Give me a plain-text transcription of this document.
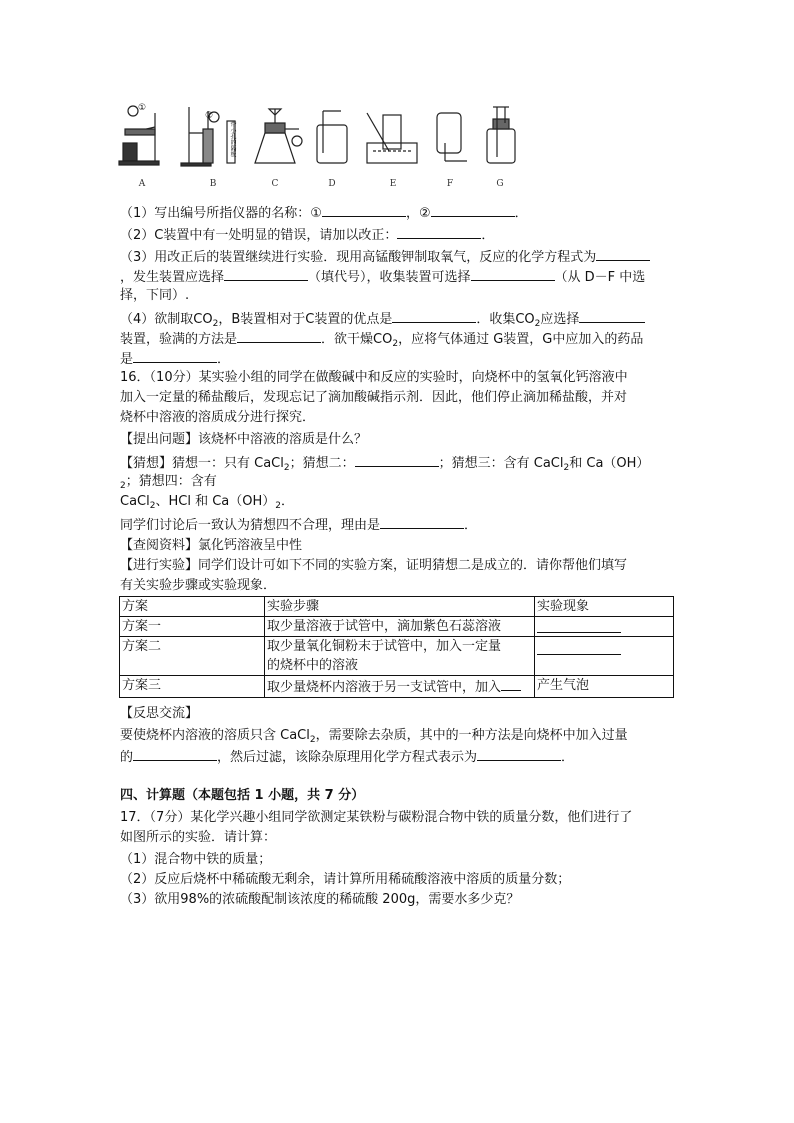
A	B	C	D	E	F	G
①
②
带小孔的隔板
（1）写出编号所指仪器的名称：①	，②	．
（2）C装置中有一处明显的错误，请加以改正：	．
（3）用改正后的装置继续进行实验．现用高锰酸钾制取氧气，反应的化学方程式为
，发生装置应选择	（填代号），收集装置可选择	（从 D－F 中选
择，下同）.
（4）欲制取$CO_2$，B装置相对于C装置的优点是	．收集$CO_2$应选择
装置，验满的方法是	．欲干燥$CO_2$，应将气体通过 G装置，G中应加入的药品
是	．
16．（10分）某实验小组的同学在做酸碱中和反应的实验时，向烧杯中的氢氧化钙溶液中
加入一定量的稀盐酸后，发现忘记了滴加酸碱指示剂．因此，他们停止滴加稀盐酸，并对
烧杯中溶液的溶质成分进行探究．
【提出问题】该烧杯中溶液的溶质是什么？
【猜想】猜想一：只有 CaCl$_2$；猜想二：	；猜想三：含有 CaCl$_2$和 Ca（OH）
$_2$；猜想四：含有
CaCl$_2$、HCl 和 $Ca(OH)_2$．
同学们讨论后一致认为猜想四不合理，理由是	．
【查阅资料】氯化钙溶液呈中性
【进行实验】同学们设计可如下不同的实验方案，证明猜想二是成立的．请你帮他们填写
有关实验步骤或实验现象．
方案	实验步骤	实验现象
方案一	取少量溶液于试管中，滴加紫色石蕊溶液	

方案二	取少量氧化铜粉末于试管中，加入一定量
的烧杯中的溶液	

方案三	取少量烧杯内溶液于另一支试管中，加入	产生气泡
【反思交流】
要使烧杯内溶液的溶质只含 CaCl$_2$，需要除去杂质，其中的一种方法是向烧杯中加入过量
的	，然后过滤，该除杂原理用化学方程式表示为	．
四、计算题（本题包括 1 小题，共 7 分）
17．（7分）某化学兴趣小组同学欲测定某铁粉与碳粉混合物中铁的质量分数，他们进行了
如图所示的实验．请计算：
（1）混合物中铁的质量；
（2）反应后烧杯中稀硫酸无剩余，请计算所用稀硫酸溶液中溶质的质量分数；
（3）欲用98%的浓硫酸配制该浓度的稀硫酸 200g，需要水多少克？
